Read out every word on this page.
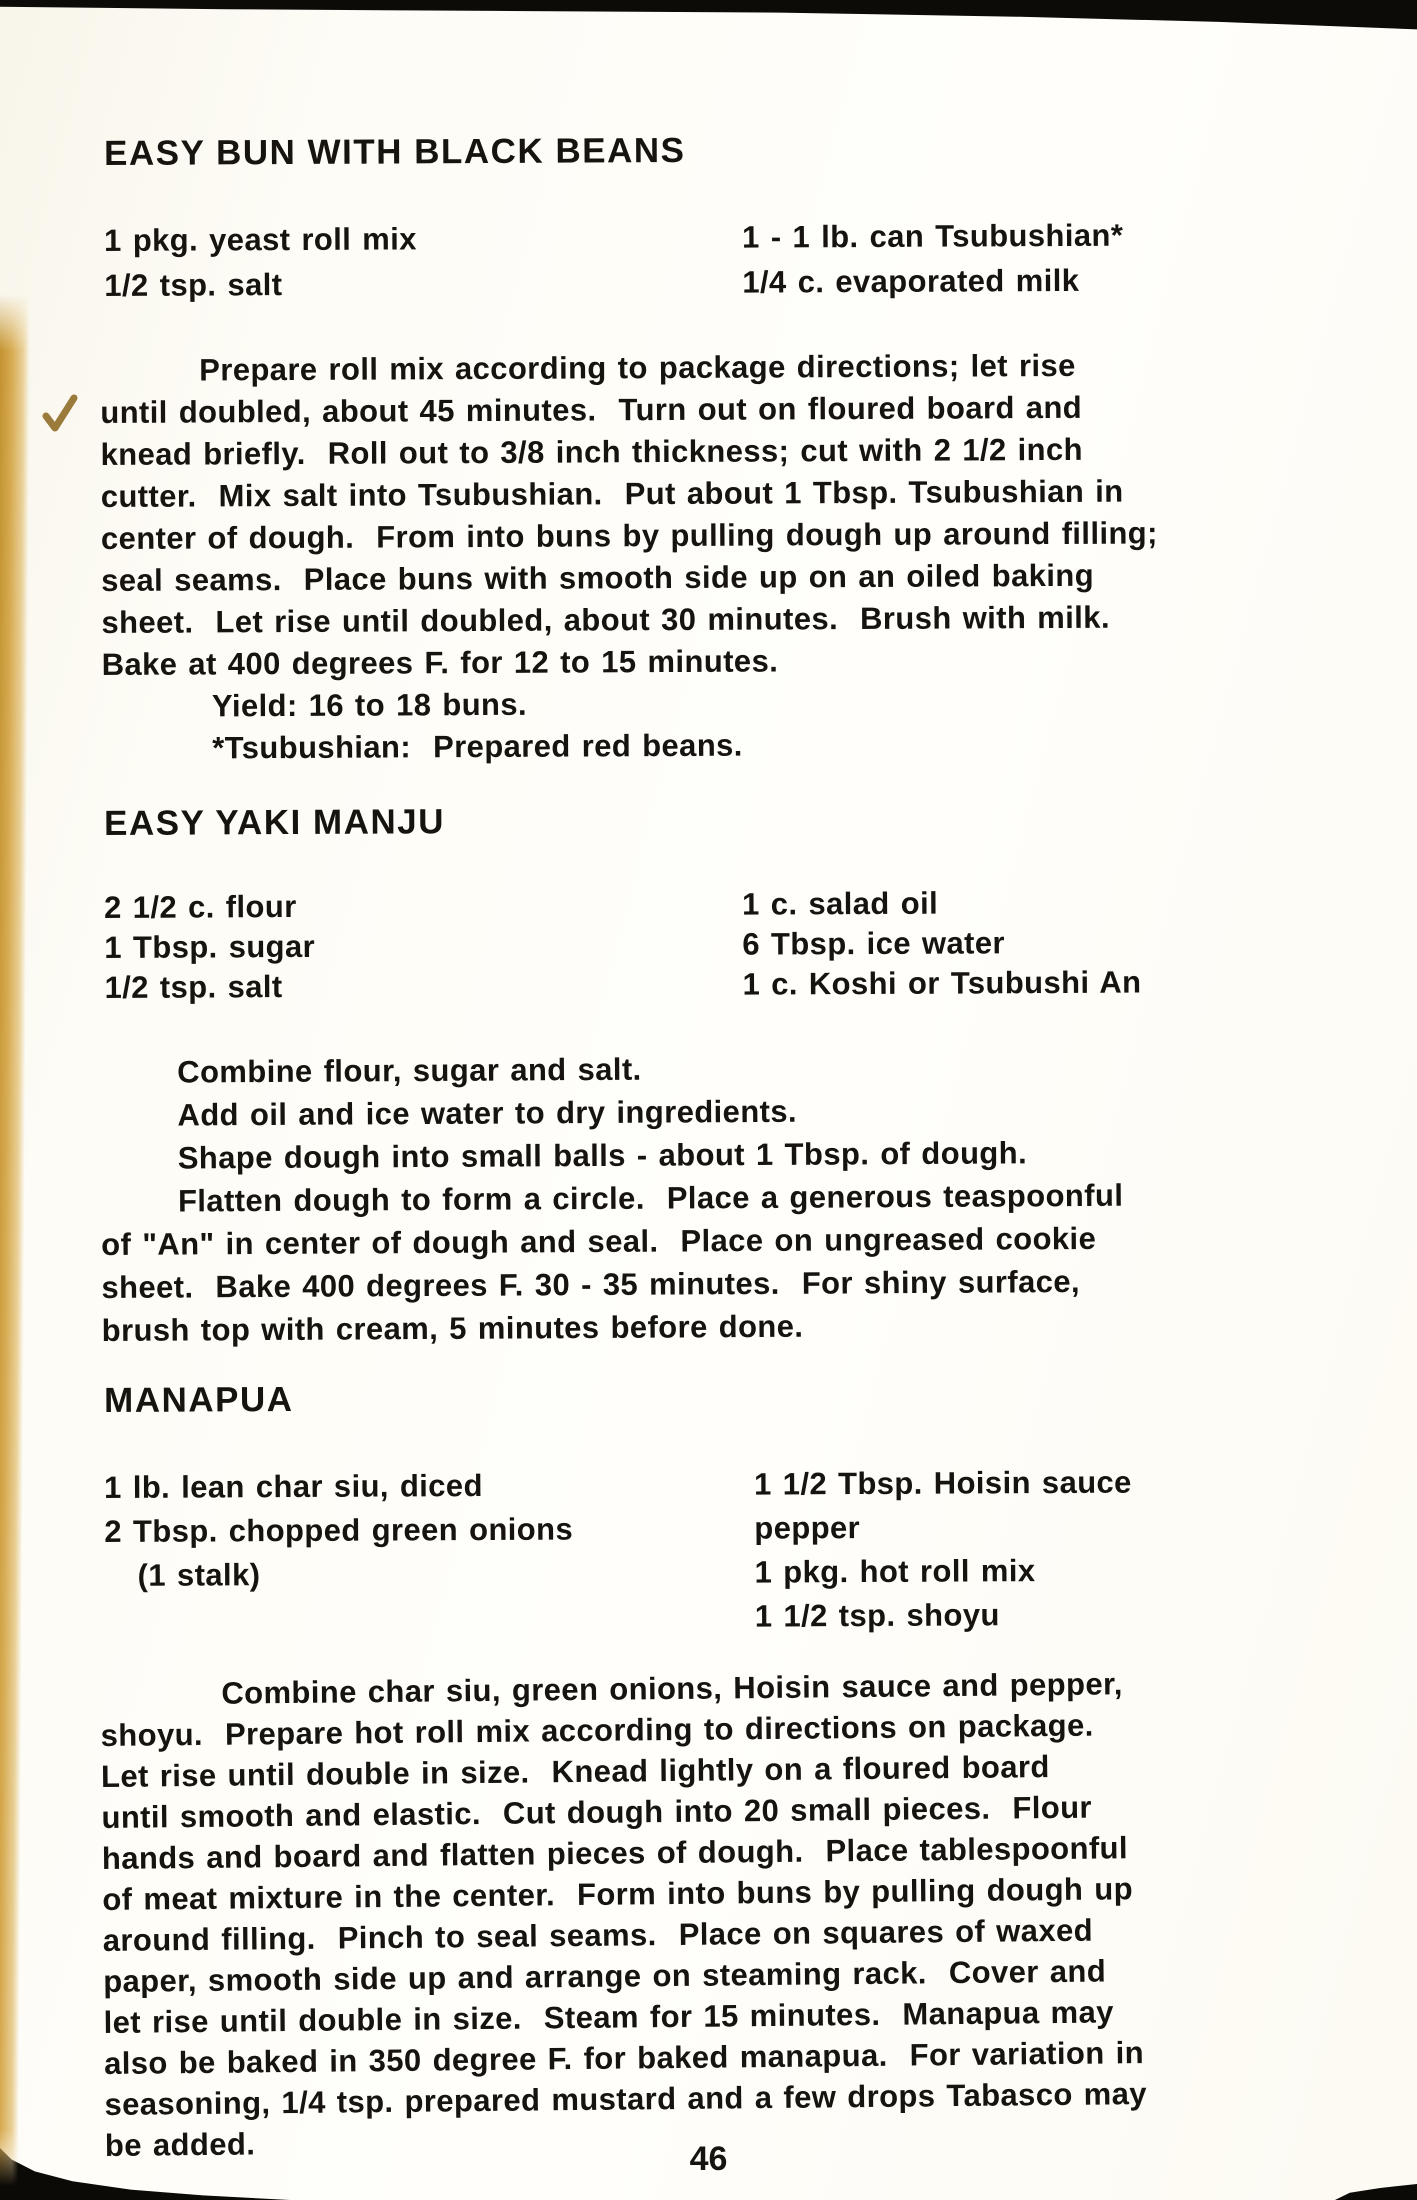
EASY BUN WITH BLACK BEANS
1 pkg. yeast roll mix
1/2 tsp. salt
1 - 1 lb. can Tsubushian*
1/4 c. evaporated milk
Prepare roll mix according to package directions; let rise
until doubled, about 45 minutes.  Turn out on floured board and
knead briefly.  Roll out to 3/8 inch thickness; cut with 2 1/2 inch
cutter.  Mix salt into Tsubushian.  Put about 1 Tbsp. Tsubushian in
center of dough.  From into buns by pulling dough up around filling;
seal seams.  Place buns with smooth side up on an oiled baking
sheet.  Let rise until doubled, about 30 minutes.  Brush with milk.
Bake at 400 degrees F. for 12 to 15 minutes.
Yield: 16 to 18 buns.
*Tsubushian:  Prepared red beans.
EASY YAKI MANJU
2 1/2 c. flour
1 Tbsp. sugar
1/2 tsp. salt
1 c. salad oil
6 Tbsp. ice water
1 c. Koshi or Tsubushi An
Combine flour, sugar and salt.
Add oil and ice water to dry ingredients.
Shape dough into small balls - about 1 Tbsp. of dough.
Flatten dough to form a circle.  Place a generous teaspoonful
of "An" in center of dough and seal.  Place on ungreased cookie
sheet.  Bake 400 degrees F. 30 - 35 minutes.  For shiny surface,
brush top with cream, 5 minutes before done.
MANAPUA
1 lb. lean char siu, diced
2 Tbsp. chopped green onions
(1 stalk)
1 1/2 Tbsp. Hoisin sauce
pepper
1 pkg. hot roll mix
1 1/2 tsp. shoyu
Combine char siu, green onions, Hoisin sauce and pepper,
shoyu.  Prepare hot roll mix according to directions on package.
Let rise until double in size.  Knead lightly on a floured board
until smooth and elastic.  Cut dough into 20 small pieces.  Flour
hands and board and flatten pieces of dough.  Place tablespoonful
of meat mixture in the center.  Form into buns by pulling dough up
around filling.  Pinch to seal seams.  Place on squares of waxed
paper, smooth side up and arrange on steaming rack.  Cover and
let rise until double in size.  Steam for 15 minutes.  Manapua may
also be baked in 350 degree F. for baked manapua.  For variation in
seasoning, 1/4 tsp. prepared mustard and a few drops Tabasco may
be added.	46
